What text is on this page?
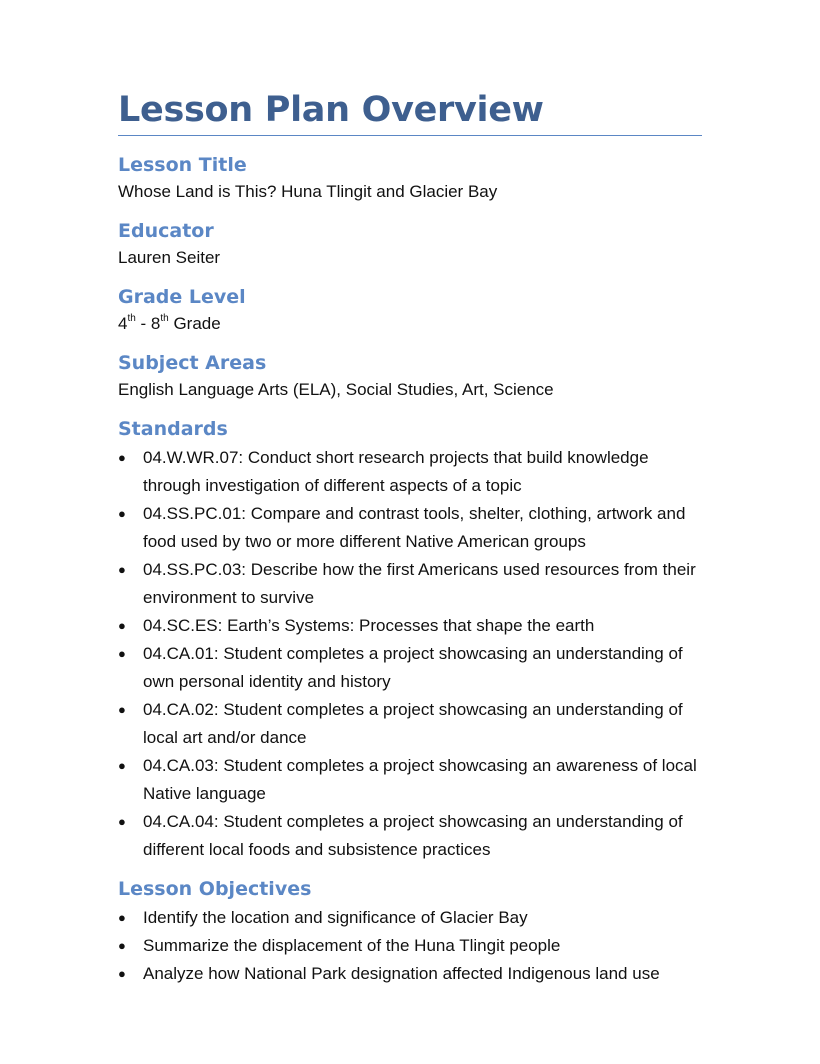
Lesson Plan Overview
Lesson Title

Whose Land is This? Huna Tlingit and Glacier Bay

Educator

Lauren Seiter

Grade Level

4th - 8th Grade

Subject Areas

English Language Arts (ELA), Social Studies, Art, Science

Standards
● 04.W.WR.07: Conduct short research projects that build knowledge through investigation of different aspects of a topic
● 04.SS.PC.01: Compare and contrast tools, shelter, clothing, artwork and food used by two or more different Native American groups
● 04.SS.PC.03: Describe how the first Americans used resources from their environment to survive
● 04.SC.ES: Earth’s Systems: Processes that shape the earth
● 04.CA.01: Student completes a project showcasing an understanding of own personal identity and history
● 04.CA.02: Student completes a project showcasing an understanding of local art and/or dance
● 04.CA.03: Student completes a project showcasing an awareness of local Native language
● 04.CA.04: Student completes a project showcasing an understanding of different local foods and subsistence practices
Lesson Objectives
● Identify the location and significance of Glacier Bay
● Summarize the displacement of the Huna Tlingit people
● Analyze how National Park designation affected Indigenous land use
